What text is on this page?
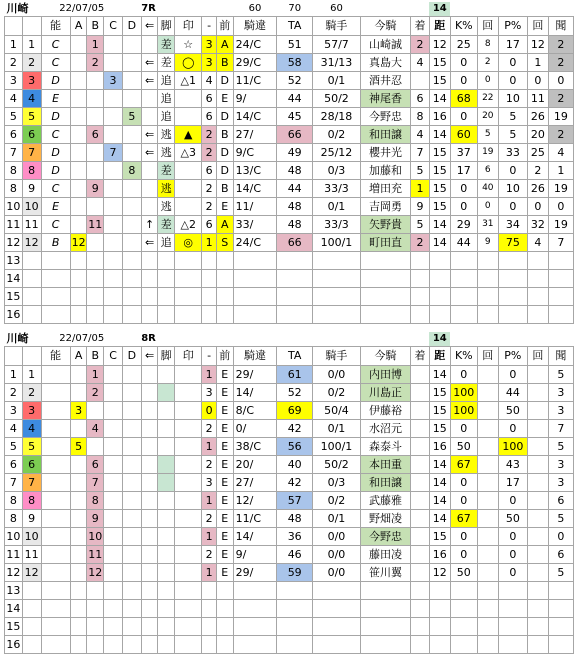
川崎		22/07/05				7R						60	70	60			14					
		能	A	B	C	D	⇐	脚	印	-	前	騎違	TA	騎手	今騎	着	距	K%	回	P%	回	聞
1	1	C		1				差	☆	3	A	24/C	51	57/7	山崎誠	2	12	25	8	17	12	2
2	2	C		2			⇐	差	◯	3	B	29/C	58	31/13	真島大	4	15	0	2	0	1	2
3	3	D			3		⇐	追	△1	4	D	11/C	52	0/1	酒井忍		15	0	0	0	0	0
4	4	E						追		6	E	9/	44	50/2	神尾香	6	14	68	22	10	11	2
5	5	D				5		追		6	D	14/C	45	28/18	今野忠	8	16	0	20	5	26	19
6	6	C		6			⇐	逃	▲	2	B	27/	66	0/2	和田譲	4	14	60	5	5	20	2
7	7	D			7		⇐	逃	△3	2	D	9/C	49	25/12	櫻井光	7	15	37	19	33	25	4
8	8	D				8		差		6	D	13/C	48	0/3	加藤和	5	15	17	6	0	2	1
8	9	C		9				逃		2	B	14/C	44	33/3	増田充	1	15	0	40	10	26	19
10	10	E						逃		2	E	11/	48	0/1	吉岡勇	9	15	0	0	0	0	0
11	11	C		11			↑	差	△2	6	A	33/	48	33/3	矢野貴	5	14	29	31	34	32	19
12	12	B	12				⇐	追	◎	1	S	24/C	66	100/1	町田直	2	14	44	9	75	4	7
13																						
14																						
15																						
16																						
川崎		22/07/05				8R											14					
		能	A	B	C	D	⇐	脚	印	-	前	騎違	TA	騎手	今騎	着	距	K%	回	P%	回	聞
1	1			1						1	E	29/	61	0/0	内田博		14	0		0		5
2	2			2						3	E	14/	52	0/2	川島正		15	100		44		3
3	3		3							0	E	8/C	69	50/4	伊藤裕		15	100		50		3
4	4			4						2	E	0/	42	0/1	水沼元		15	0		0		7
5	5		5							1	E	38/C	56	100/1	森泰斗		16	50		100		5
6	6			6						2	E	20/	40	50/2	本田重		14	67		43		3
7	7			7						3	E	27/	42	0/3	和田譲		14	0		17		3
8	8			8						1	E	12/	57	0/2	武藤雅		14	0		0		6
8	9			9						2	E	11/C	48	0/1	野畑凌		14	67		50		5
10	10			10						1	E	14/	36	0/0	今野忠		15	0		0		0
11	11			11						2	E	9/	46	0/0	藤田凌		16	0		0		6
12	12			12						1	E	29/	59	0/0	笹川翼		12	50		0		5
13																						
14																						
15																						
16																						
